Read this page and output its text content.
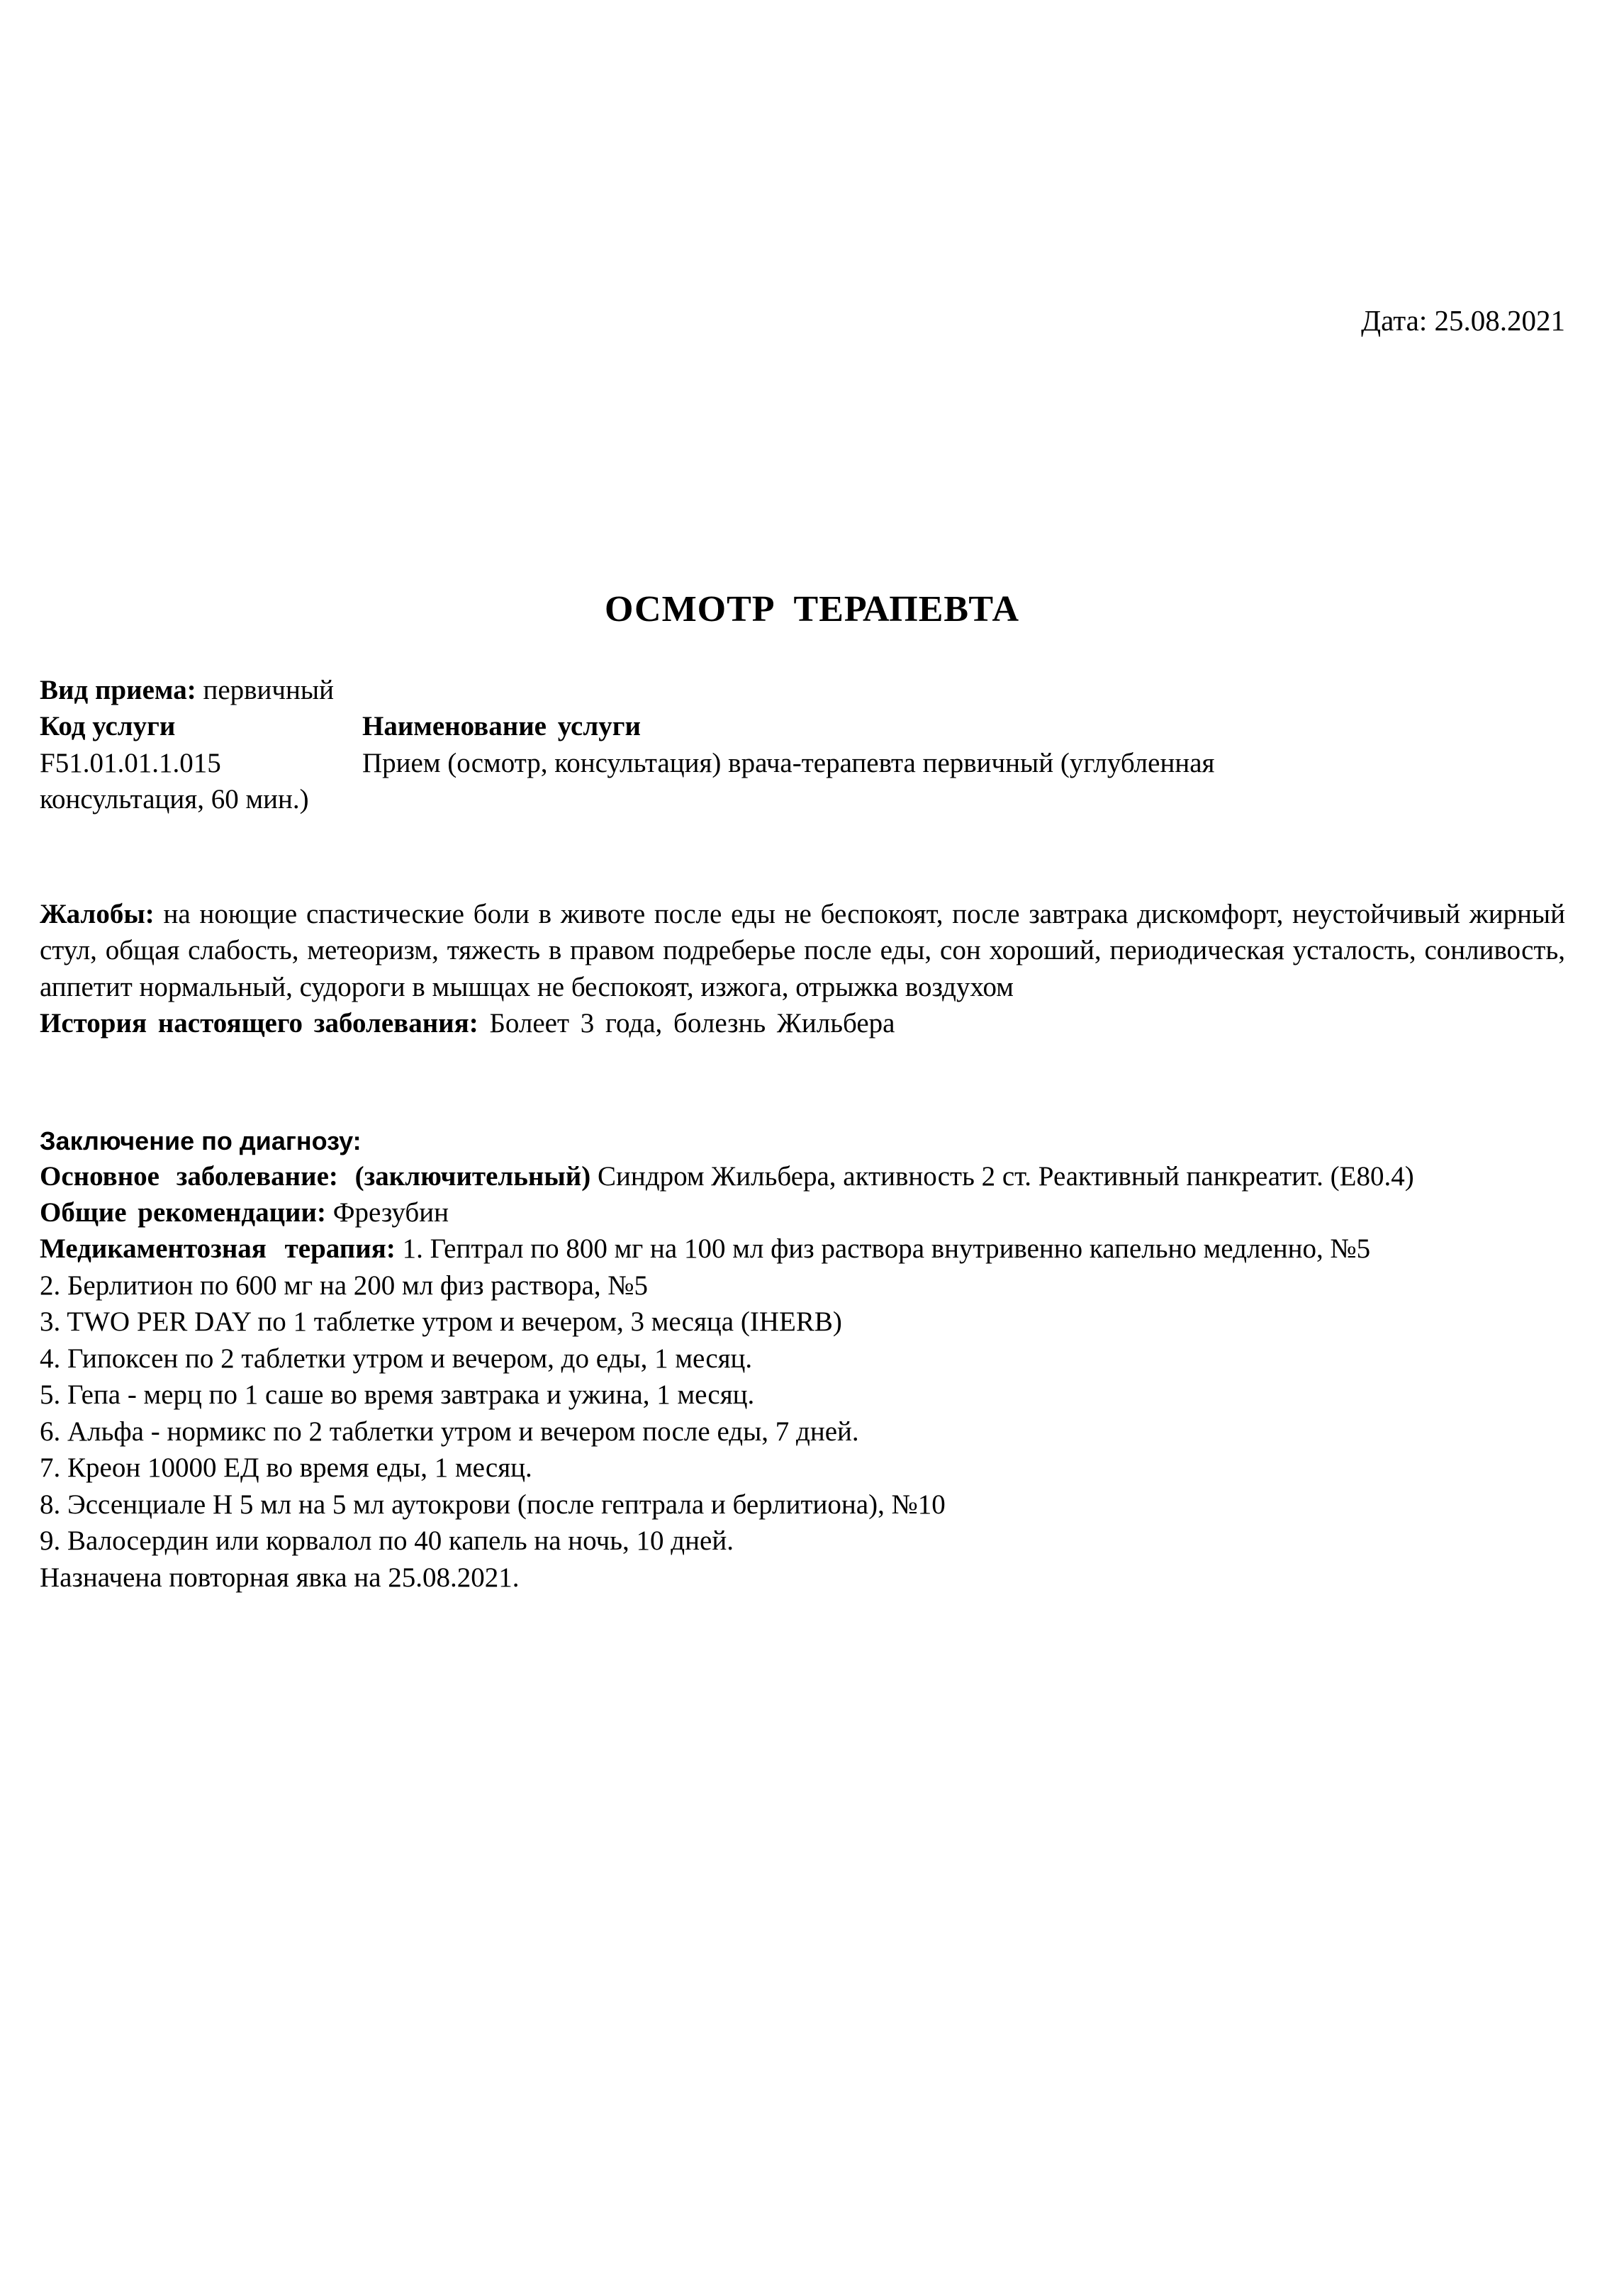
Дата: 25.08.2021
ОСМОТР ТЕРАПЕВТА
Вид приема: первичный
Код услуги	Наименование услуги
F51.01.01.1.015	Прием (осмотр, консультация) врача-терапевта первичный (углубленная
консультация, 60 мин.)
Жалобы: на ноющие спастические боли в животе после еды не беспокоят, после завтрака дискомфорт, неустойчивый жирный стул, общая слабость, метеоризм, тяжесть в правом подреберье после еды, сон хороший, периодическая усталость, сонливость, аппетит нормальный, судороги в мышцах не беспокоят, изжога, отрыжка воздухом
История настоящего заболевания: Болеет 3 года, болезнь Жильбера
Заключение по диагнозу:
Основное заболевание: (заключительный) Синдром Жильбера, активность 2 ст. Реактивный панкреатит. (E80.4)
Общие рекомендации: Фрезубин
Медикаментозная терапия: 1. Гептрал по 800 мг на 100 мл физ раствора внутривенно капельно медленно, №5
2. Берлитион по 600 мг на 200 мл физ раствора, №5
3. TWO PER DAY по 1 таблетке утром и вечером, 3 месяца (IHERB)
4. Гипоксен по 2 таблетки утром и вечером, до еды, 1 месяц.
5. Гепа - мерц по 1 саше во время завтрака и ужина, 1 месяц.
6. Альфа - нормикс по 2 таблетки утром и вечером после еды, 7 дней.
7. Креон 10000 ЕД во время еды, 1 месяц.
8. Эссенциале Н 5 мл на 5 мл аутокрови (после гептрала и берлитиона), №10
9. Валосердин или корвалол по 40 капель на ночь, 10 дней.
Назначена повторная явка на 25.08.2021.
